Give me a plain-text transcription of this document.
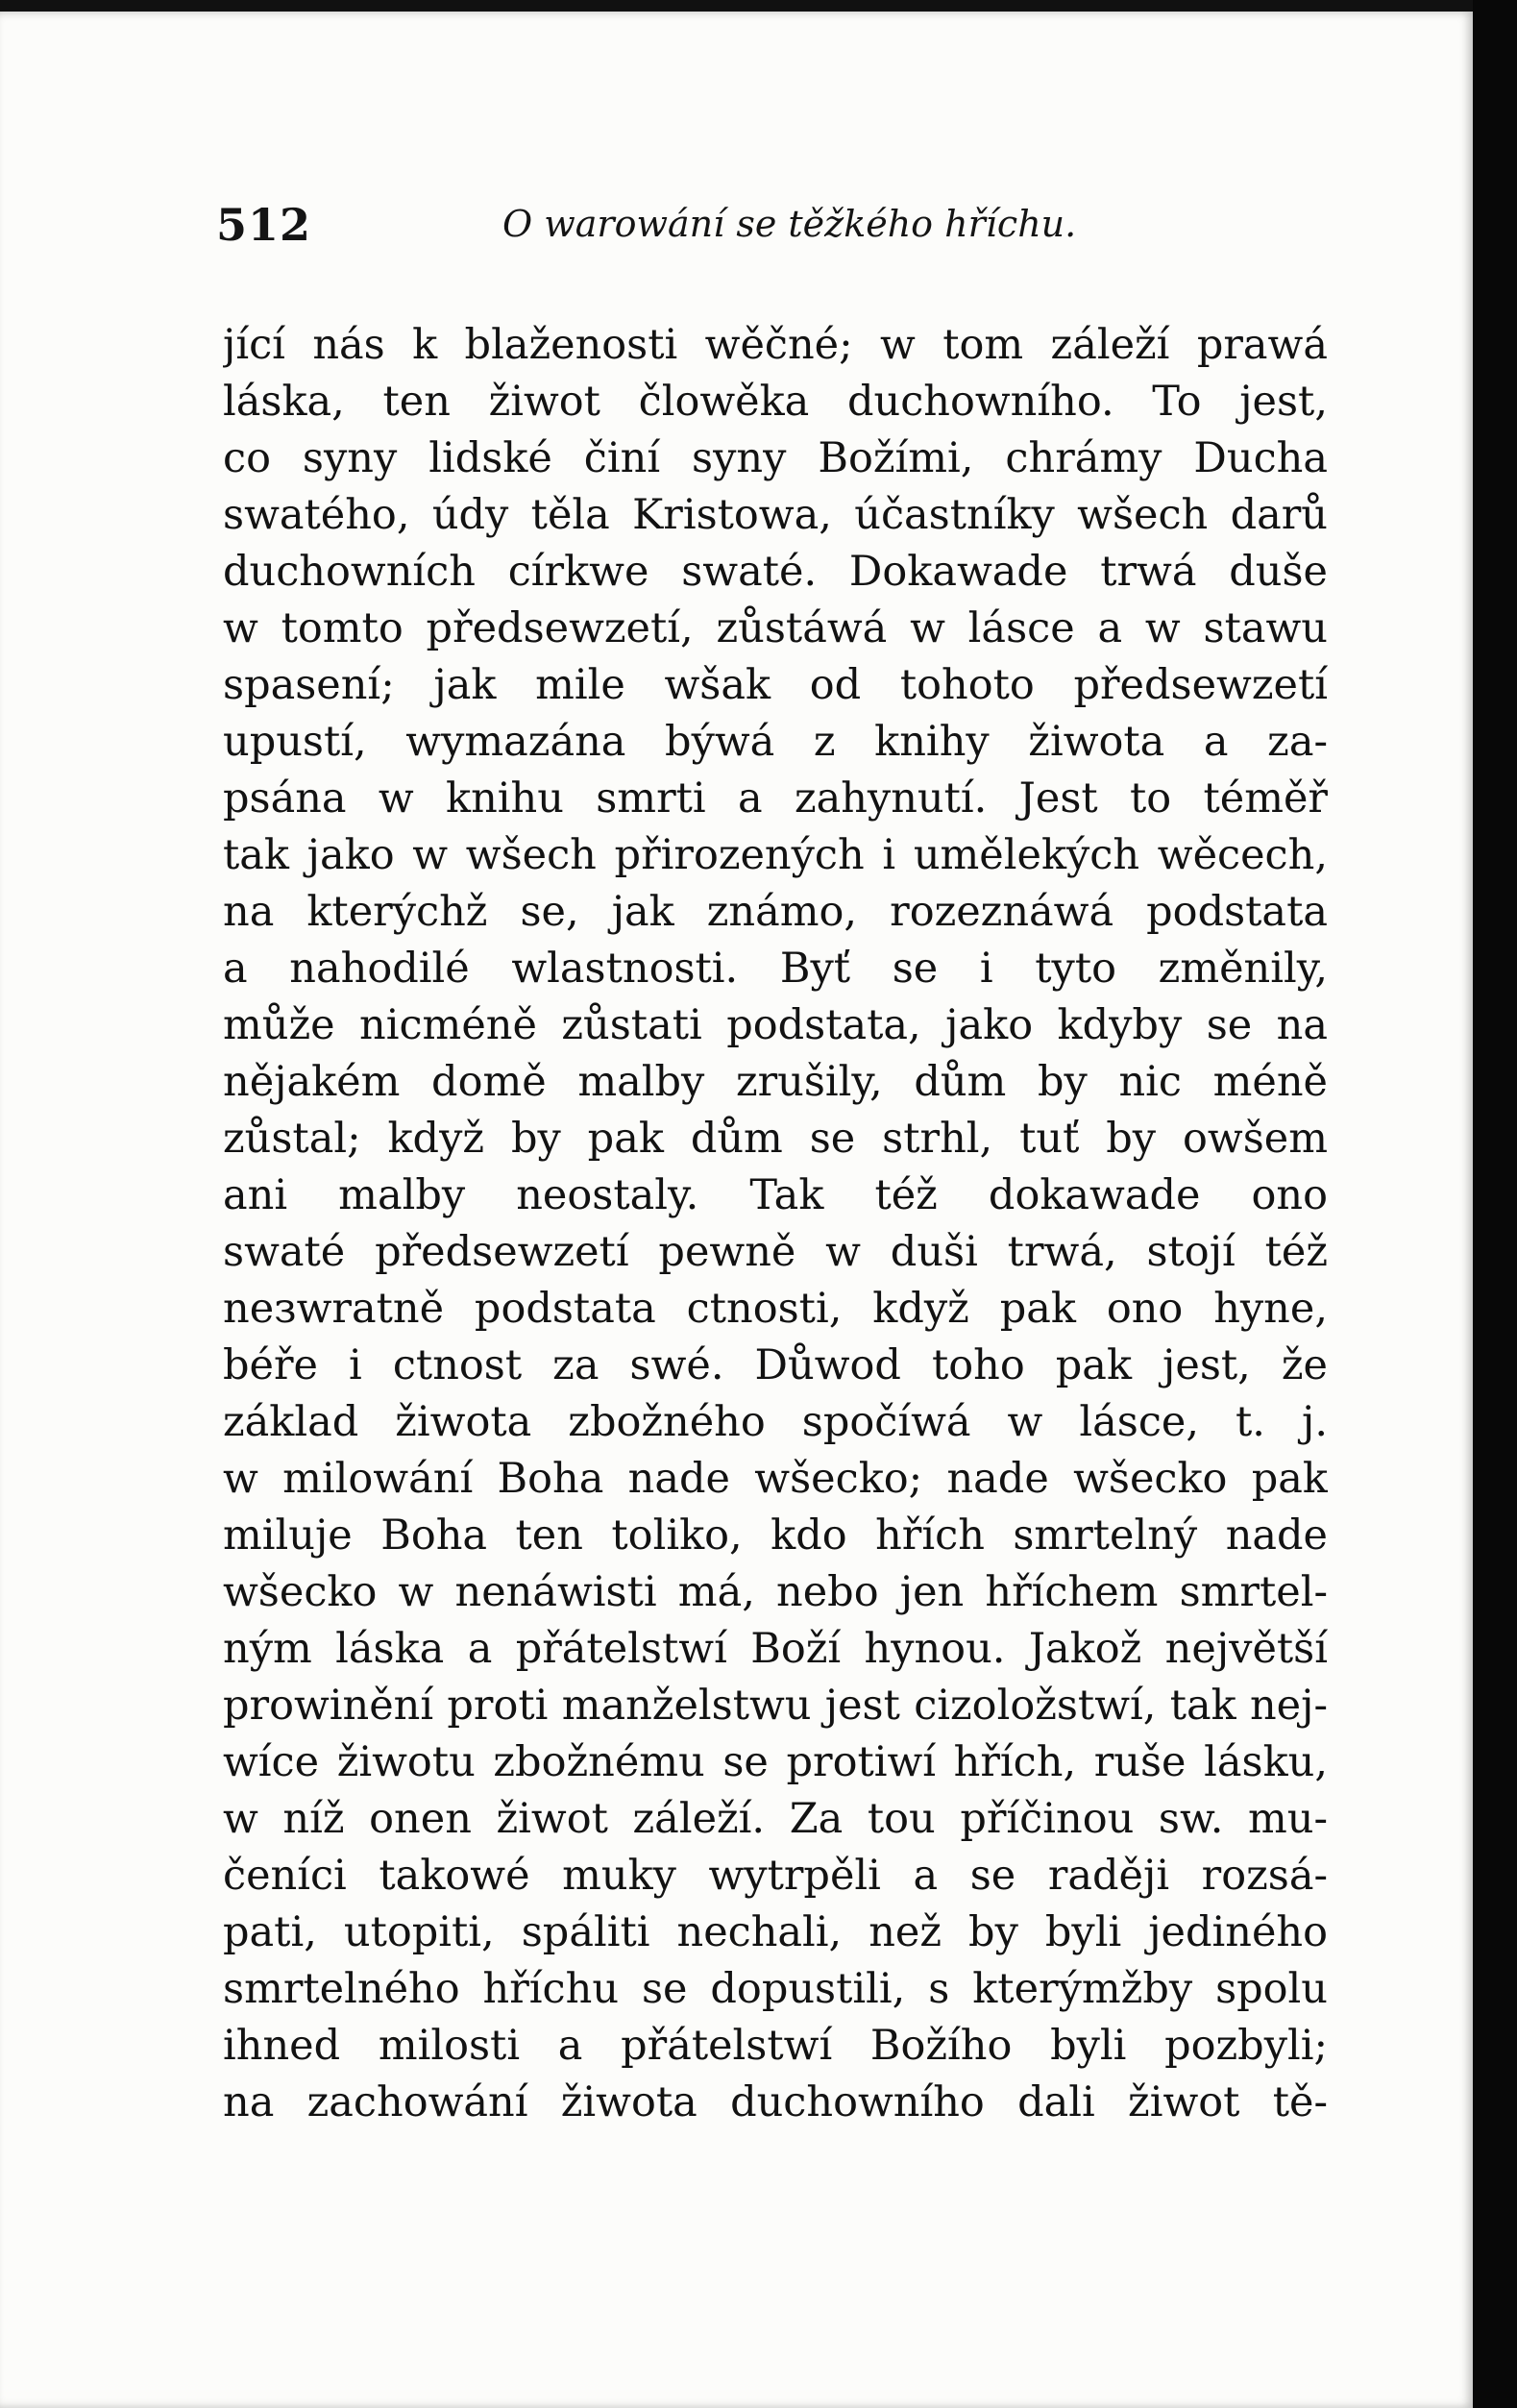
512	O warowání se těžkého hříchu.
jící nás k blaženosti wěčné; w tom záleží prawá
láska, ten žiwot člowěka duchowního. To jest,
co syny lidské činí syny Božími, chrámy Ducha
swatého, údy těla Kristowa, účastníky wšech darů
duchowních církwe swaté. Dokawade trwá duše
w tomto předsewzetí, zůstáwá w lásce a w stawu
spasení; jak mile wšak od tohoto předsewzetí
upustí, wymazána býwá z knihy žiwota a za-
psána w knihu smrti a zahynutí. Jest to téměř
tak jako w wšech přirozených i umělekých wěcech,
na kterýchž se, jak známo, rozeznáwá podstata
a nahodilé wlastnosti. Byť se i tyto změnily,
může nicméně zůstati podstata, jako kdyby se na
nějakém domě malby zrušily, dům by nic méně
zůstal; když by pak dům se strhl, tuť by owšem
ani malby neostaly. Tak též dokawade ono
swaté předsewzetí pewně w duši trwá, stojí též
neзwratně podstata ctnosti, když pak ono hyne,
béře i ctnost za swé. Důwod toho pak jest, že
základ žiwota zbožného spočíwá w lásce, t. j.
w milowání Boha nade wšecko; nade wšecko pak
miluje Boha ten toliko, kdo hřích smrtelný nade
wšecko w nenáwisti má, nebo jen hříchem smrtel-
ným láska a přátelstwí Boží hynou. Jakož největší
prowinění proti manželstwu jest cizoložstwí, tak nej-
wíce žiwotu zbožnému se protiwí hřích, ruše lásku,
w níž onen žiwot záleží. Za tou příčinou sw. mu-
čeníci takowé muky wytrpěli a se raději rozsá-
pati, utopiti, spáliti nechali, než by byli jediného
smrtelného hříchu se dopustili, s kterýmžby spolu
ihned milosti a přátelstwí Božího byli pozbyli;
na zachowání žiwota duchowního dali žiwot tě-
